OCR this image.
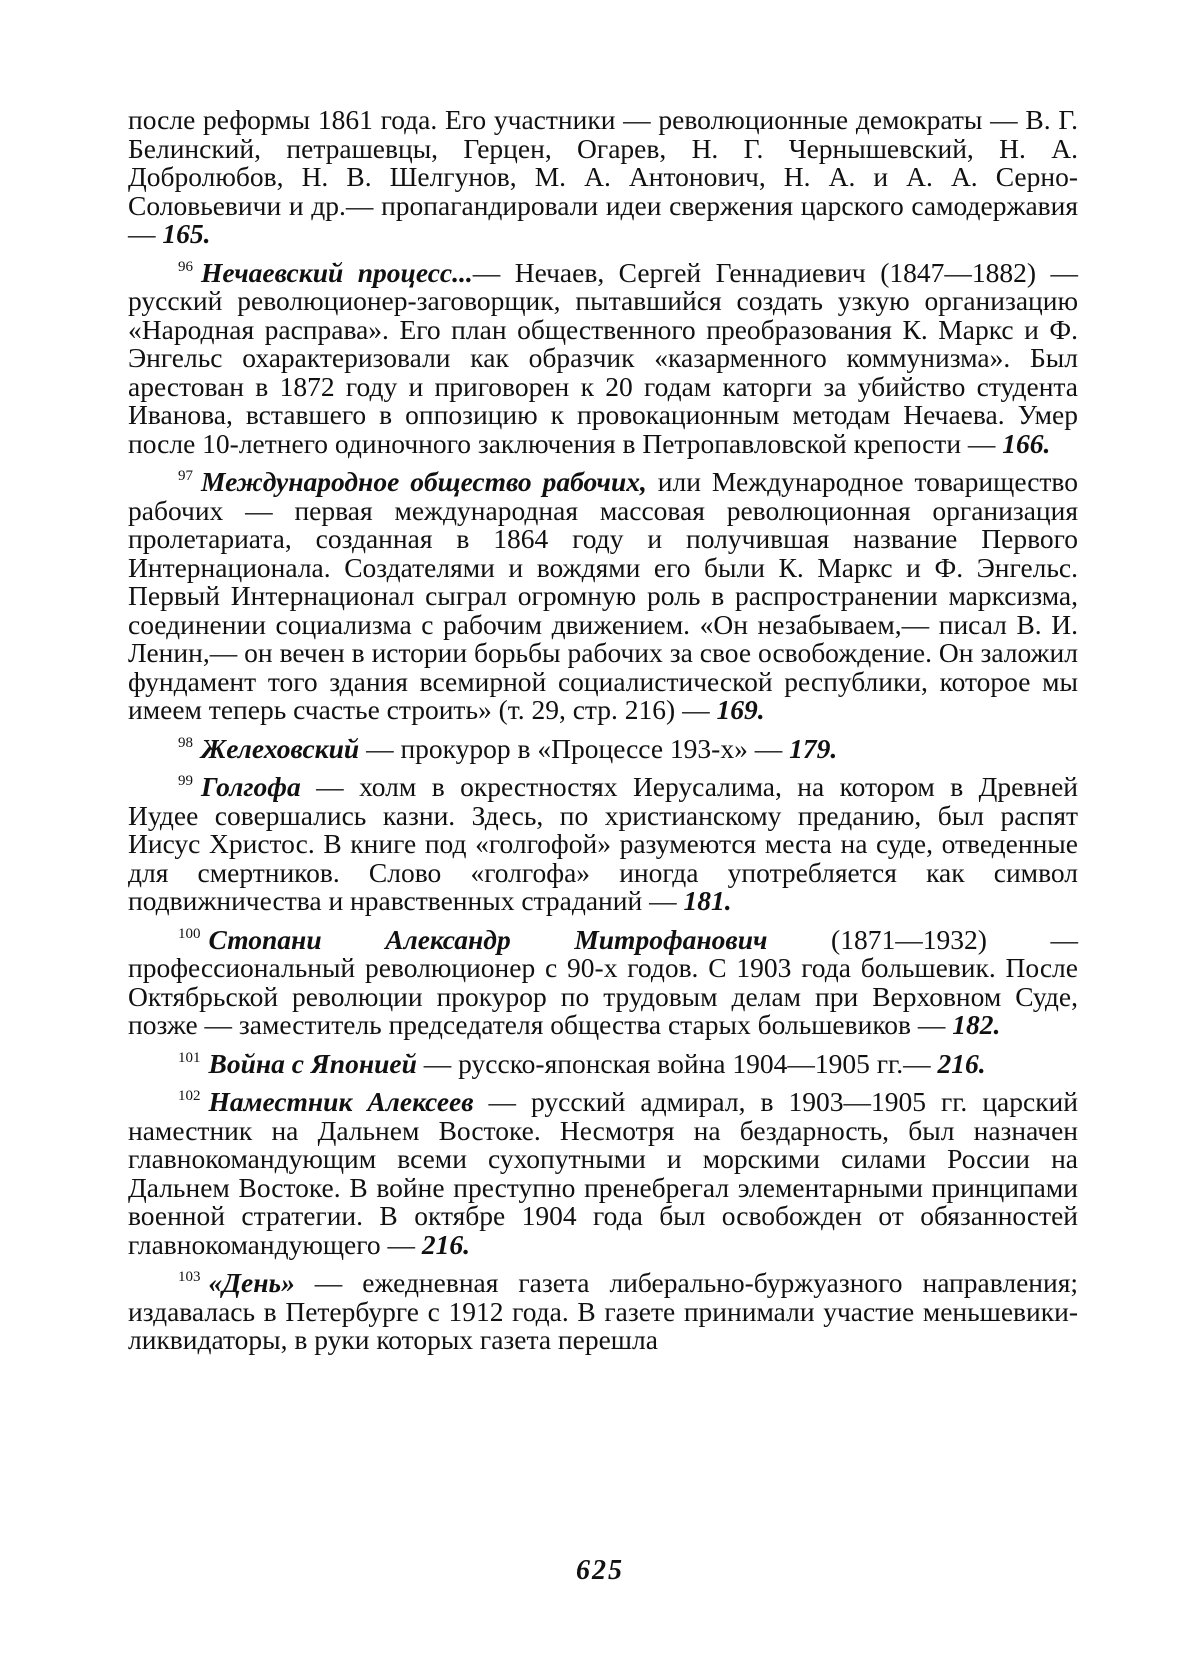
после реформы 1861 года. Его участники — революционные демократы — В. Г. Белинский, петрашевцы, Герцен, Огарев, Н. Г. Чернышевский, Н. А. Добролюбов, Н. В. Шелгунов, М. А. Антонович, Н. А. и А. А. Серно-Соловьевичи и др.— пропагандировали идеи свержения царского самодержавия — 165.

$^{96}$ Нечаевский процесс...— Нечаев, Сергей Геннадиевич (1847—1882) — русский революционер-заговорщик, пытавшийся создать узкую организацию «Народная расправа». Его план общественного преобразования К. Маркс и Ф. Энгельс охарактеризовали как образчик «казарменного коммунизма». Был арестован в 1872 году и приговорен к 20 годам каторги за убийство студента Иванова, вставшего в оппозицию к провокационным методам Нечаева. Умер после 10-летнего одиночного заключения в Петропавловской крепости — 166.

$^{97}$ Международное общество рабочих, или Международное товарищество рабочих — первая международная массовая революционная организация пролетариата, созданная в 1864 году и получившая название Первого Интернационала. Создателями и вождями его были К. Маркс и Ф. Энгельс. Первый Интернационал сыграл огромную роль в распространении марксизма, соединении социализма с рабочим движением. «Он незабываем,— писал В. И. Ленин,— он вечен в истории борьбы рабочих за свое освобождение. Он заложил фундамент того здания всемирной социалистической республики, которое мы имеем теперь счастье строить» (т. 29, стр. 216) — 169.

$^{98}$ Желеховский — прокурор в «Процессе 193-х» — 179.

$^{99}$ Голгофа — холм в окрестностях Иерусалима, на котором в Древней Иудее совершались казни. Здесь, по христианскому преданию, был распят Иисус Христос. В книге под «голгофой» разумеются места на суде, отведенные для смертников. Слово «голгофа» иногда употребляется как символ подвижничества и нравственных страданий — 181.

$^{100}$ Стопани Александр Митрофанович (1871—1932) — профессиональный революционер с 90-х годов. С 1903 года большевик. После Октябрьской революции прокурор по трудовым делам при Верховном Суде, позже — заместитель председателя общества старых большевиков — 182.

$^{101}$ Война с Японией — русско-японская война 1904—1905 гг.— 216.

$^{102}$ Наместник Алексеев — русский адмирал, в 1903—1905 гг. царский наместник на Дальнем Востоке. Несмотря на бездарность, был назначен главнокомандующим всеми сухопутными и морскими силами России на Дальнем Востоке. В войне преступно пренебрегал элементарными принципами военной стратегии. В октябре 1904 года был освобожден от обязанностей главнокомандующего — 216.

$^{103}$ «День» — ежедневная газета либерально-буржуазного направления; издавалась в Петербурге с 1912 года. В газете принимали участие меньшевики-ликвидаторы, в руки которых газета перешла

625
